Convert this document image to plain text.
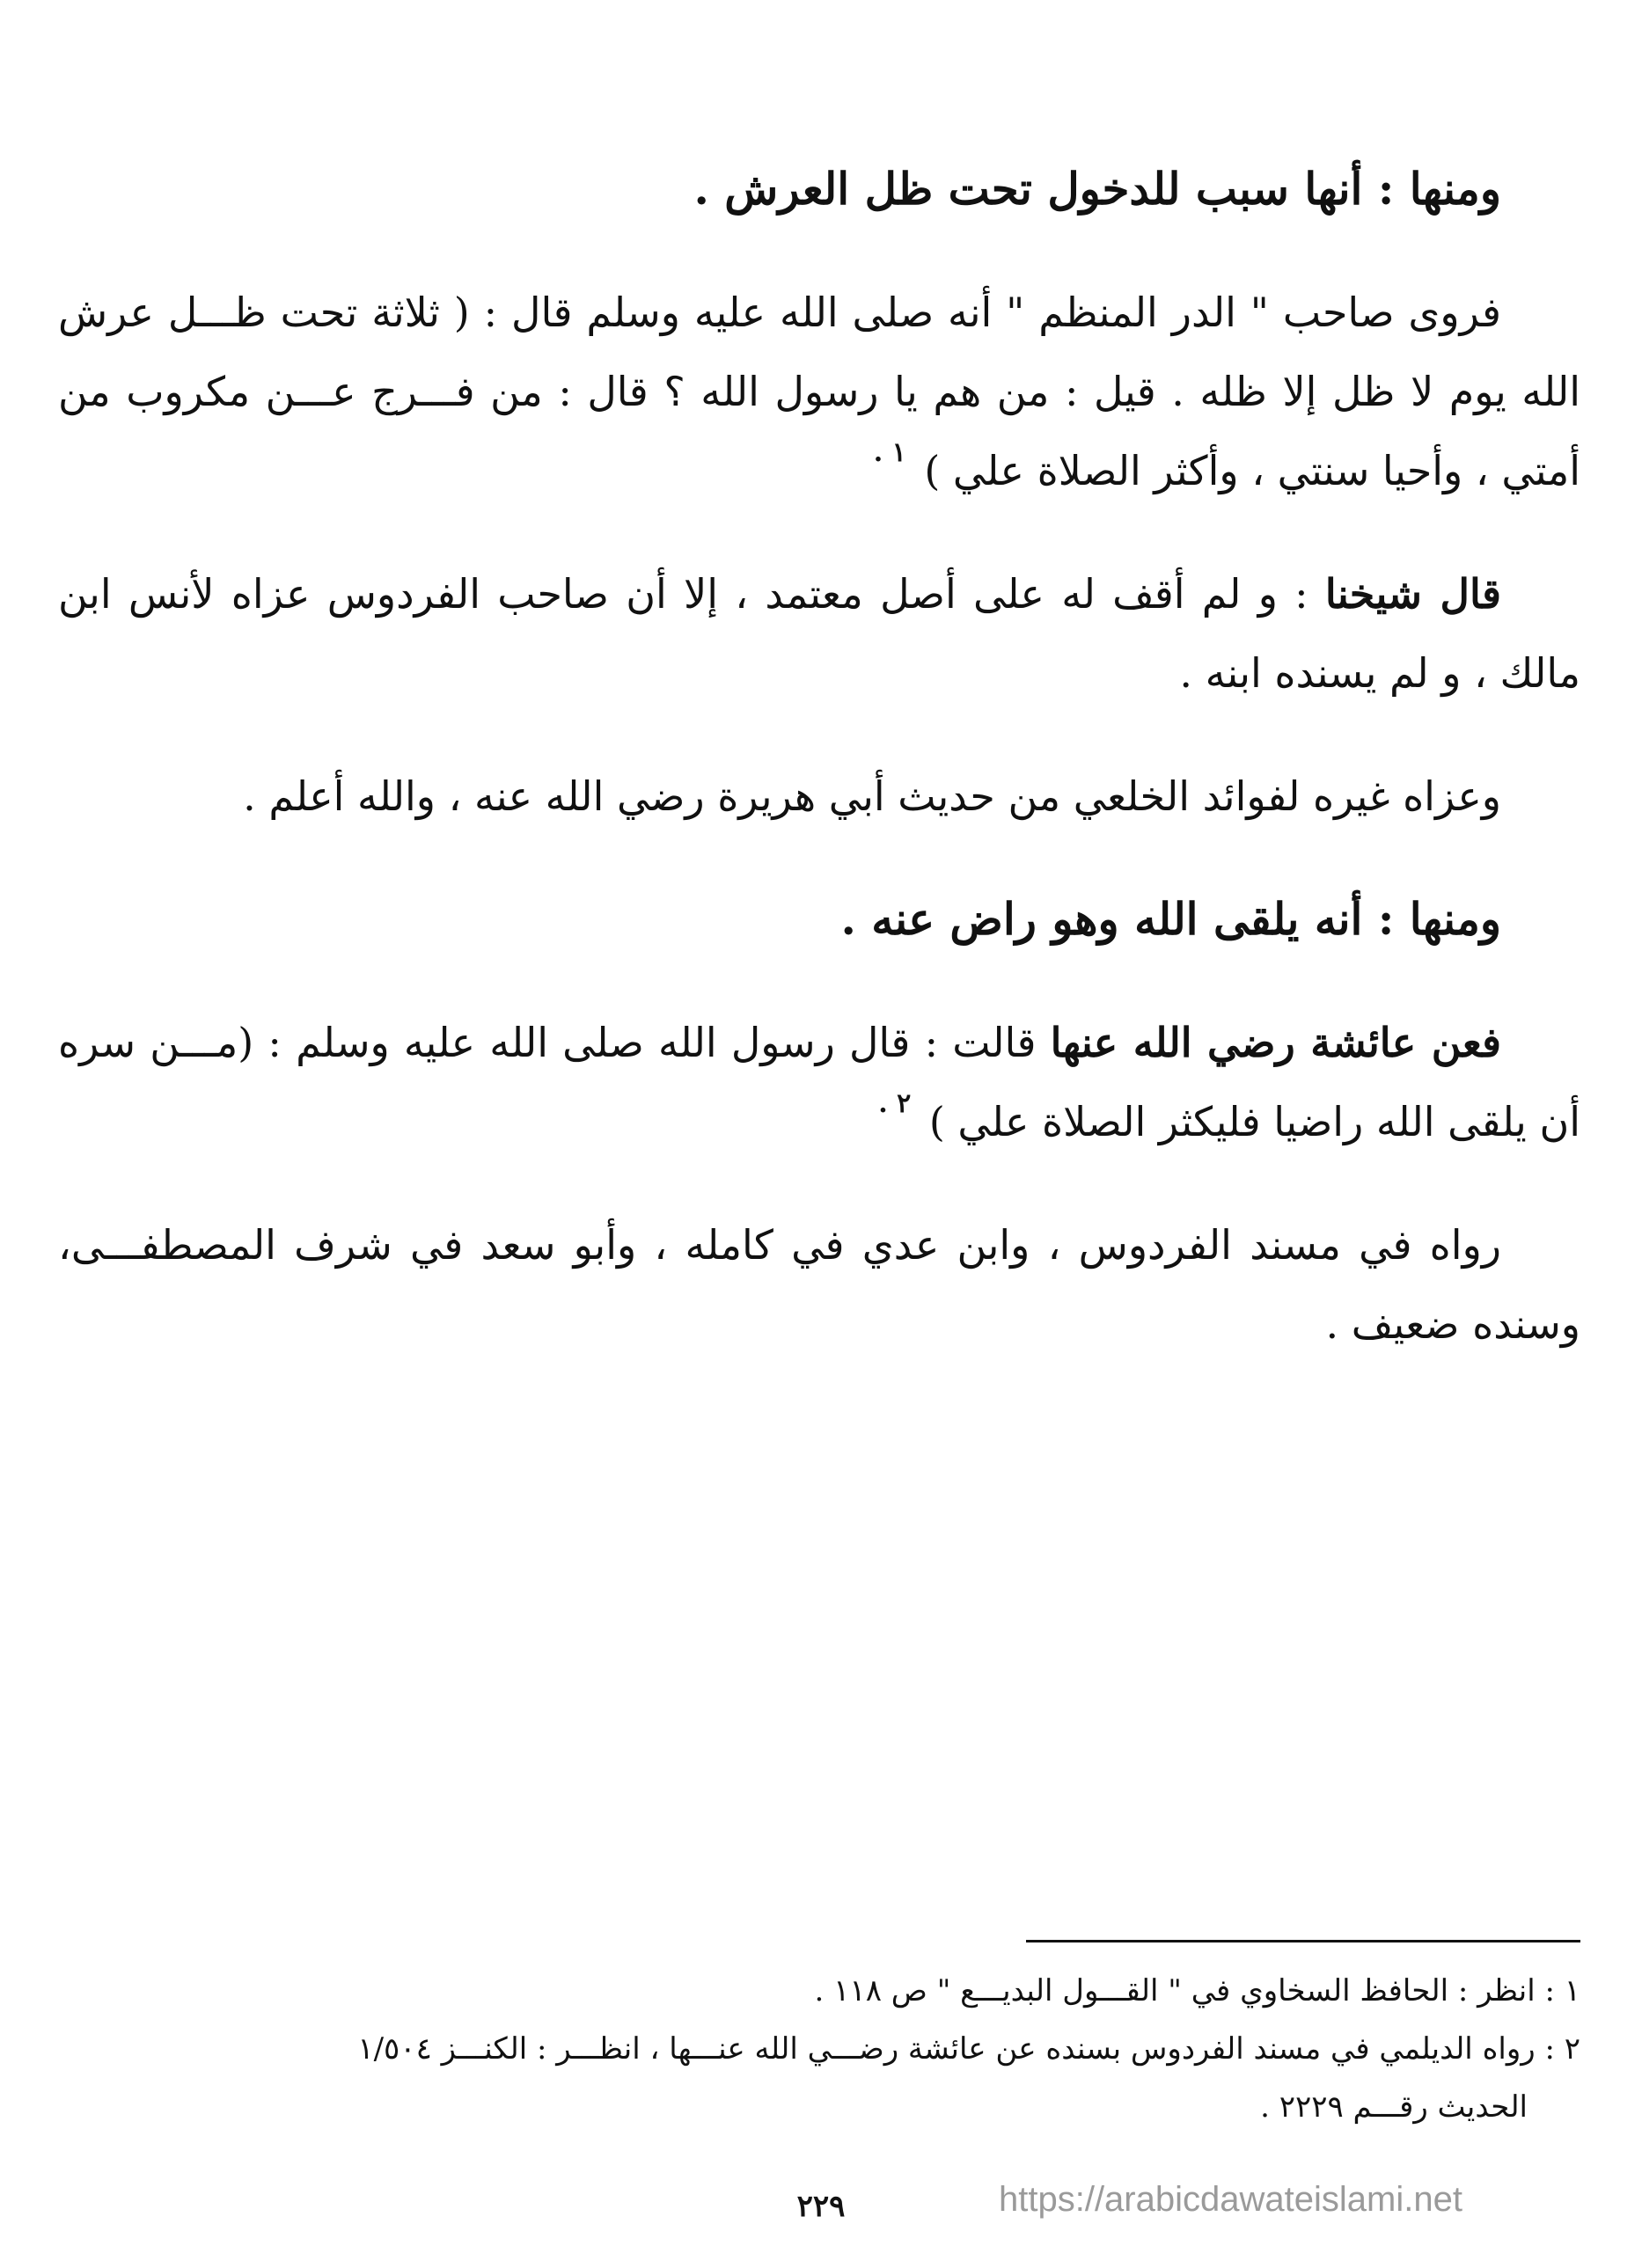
ومنها : أنها سبب للدخول تحت ظل العرش .

فروى صاحب " الدر المنظم " أنه صلى الله عليه وسلم قال : ( ثلاثة تحت ظـــل عرش الله يوم لا ظل إلا ظله . قيل : من هم يا رسول الله ؟ قال : من فـــرج عـــن مكروب من أمتي ، وأحيا سنتي ، وأكثر الصلاة علي ) $^{١ .}$

قال شيخنا : و لم أقف له على أصل معتمد ، إلا أن صاحب الفردوس عزاه لأنس ابن مالك ، و لم يسنده ابنه .

وعزاه غيره لفوائد الخلعي من حديث أبي هريرة رضي الله عنه ، والله أعلم .

ومنها : أنه يلقى الله وهو راض عنه .

فعن عائشة رضي الله عنها قالت : قال رسول الله صلى الله عليه وسلم : (مـــن سره أن يلقى الله راضيا فليكثر الصلاة علي ) $^{٢ .}$

رواه في مسند الفردوس ، وابن عدي في كامله ، وأبو سعد في شرف المصطفـــى، وسنده ضعيف .

١ : انظر : الحافظ السخاوي في " القـــول البديـــع " ص ١١٨ .

٢ : رواه الديلمي في مسند الفردوس بسنده عن عائشة رضـــي الله عنـــها ، انظـــر : الكنـــز ١/٥٠٤

الحديث رقـــم ٢٢٢٩ .

٢٢٩	https://arabicdawateislami.net
